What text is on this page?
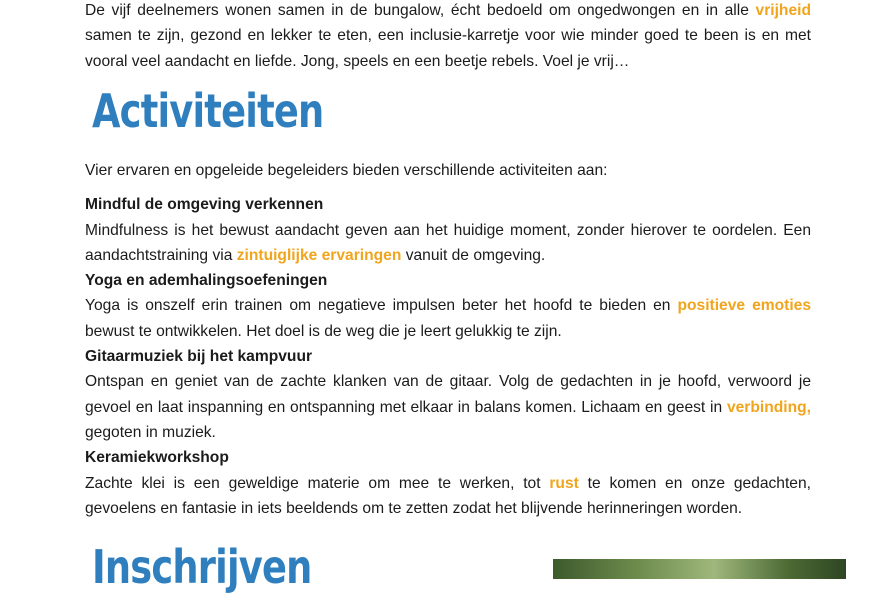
De vijf deelnemers wonen samen in de bungalow, écht bedoeld om ongedwongen en in alle vrijheid samen te zijn, gezond en lekker te eten, een inclusie-karretje voor wie minder goed te been is en met vooral veel aandacht en liefde. Jong, speels en een beetje rebels. Voel je vrij…

Activiteiten

Vier ervaren en opgeleide begeleiders bieden verschillende activiteiten aan:

Mindful de omgeving verkennen

Mindfulness is het bewust aandacht geven aan het huidige moment, zonder hierover te oordelen. Een aandachtstraining via zintuiglijke ervaringen vanuit de omgeving.

Yoga en ademhalingsoefeningen

Yoga is onszelf erin trainen om negatieve impulsen beter het hoofd te bieden en positieve emoties bewust te ontwikkelen. Het doel is de weg die je leert gelukkig te zijn.

Gitaarmuziek bij het kampvuur

Ontspan en geniet van de zachte klanken van de gitaar. Volg de gedachten in je hoofd, verwoord je gevoel en laat inspanning en ontspanning met elkaar in balans komen. Lichaam en geest in verbinding, gegoten in muziek.

Keramiekworkshop

Zachte klei is een geweldige materie om mee te werken, tot rust te komen en onze gedachten, gevoelens en fantasie in iets beeldends om te zetten zodat het blijvende herinneringen worden.

Inschrijven
